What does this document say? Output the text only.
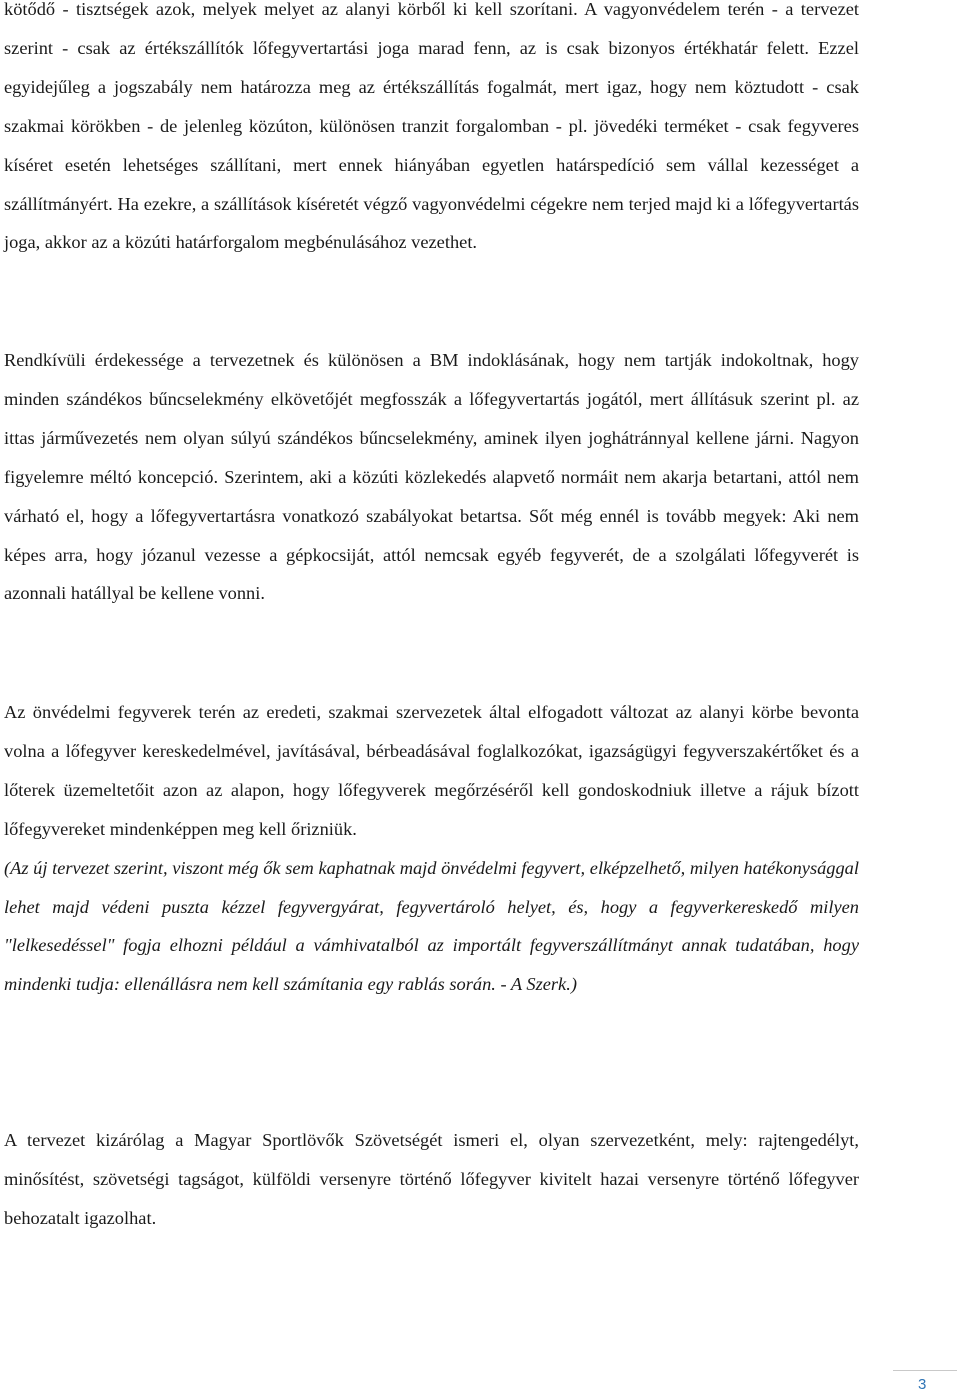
kötődő - tisztségek azok, melyek melyet az alanyi körből ki kell szorítani. A vagyonvédelem terén - a tervezet szerint - csak az értékszállítók lőfegyvertartási joga marad fenn, az is csak bizonyos értékhatár felett. Ezzel egyidejűleg a jogszabály nem határozza meg az értékszállítás fogalmát, mert igaz, hogy nem köztudott - csak szakmai körökben - de jelenleg közúton, különösen tranzit forgalomban - pl. jövedéki terméket - csak fegyveres kíséret esetén lehetséges szállítani, mert ennek hiányában egyetlen határspedíció sem vállal kezességet a szállítmányért. Ha ezekre, a szállítások kíséretét végző vagyonvédelmi cégekre nem terjed majd ki a lőfegyvertartás joga, akkor az a közúti határforgalom megbénulásához vezethet.

Rendkívüli érdekessége a tervezetnek és különösen a BM indoklásának, hogy nem tartják indokoltnak, hogy minden szándékos bűncselekmény elkövetőjét megfosszák a lőfegyvertartás jogától, mert állításuk szerint pl. az ittas járművezetés nem olyan súlyú szándékos bűncselekmény, aminek ilyen joghátránnyal kellene járni. Nagyon figyelemre méltó koncepció. Szerintem, aki a közúti közlekedés alapvető normáit nem akarja betartani, attól nem várható el, hogy a lőfegyvertartásra vonatkozó szabályokat betartsa. Sőt még ennél is tovább megyek: Aki nem képes arra, hogy józanul vezesse a gépkocsiját, attól nemcsak egyéb fegyverét, de a szolgálati lőfegyverét is azonnali hatállyal be kellene vonni.

Az önvédelmi fegyverek terén az eredeti, szakmai szervezetek által elfogadott változat az alanyi körbe bevonta volna a lőfegyver kereskedelmével, javításával, bérbeadásával foglalkozókat, igazságügyi fegyverszakértőket és a lőterek üzemeltetőit azon az alapon, hogy lőfegyverek megőrzéséről kell gondoskodniuk illetve a rájuk bízott lőfegyvereket mindenképpen meg kell őrizniük.

(Az új tervezet szerint, viszont még ők sem kaphatnak majd önvédelmi fegyvert, elképzelhető, milyen hatékonysággal lehet majd védeni puszta kézzel fegyvergyárat, fegyvertároló helyet, és, hogy a fegyverkereskedő milyen "lelkesedéssel" fogja elhozni például a vámhivatalból az importált fegyverszállítmányt annak tudatában, hogy mindenki tudja: ellenállásra nem kell számítania egy rablás során. - A Szerk.)

A tervezet kizárólag a Magyar Sportlövők Szövetségét ismeri el, olyan szervezetként, mely: rajtengedélyt, minősítést, szövetségi tagságot, külföldi versenyre történő lőfegyver kivitelt hazai versenyre történő lőfegyver behozatalt igazolhat.

3
